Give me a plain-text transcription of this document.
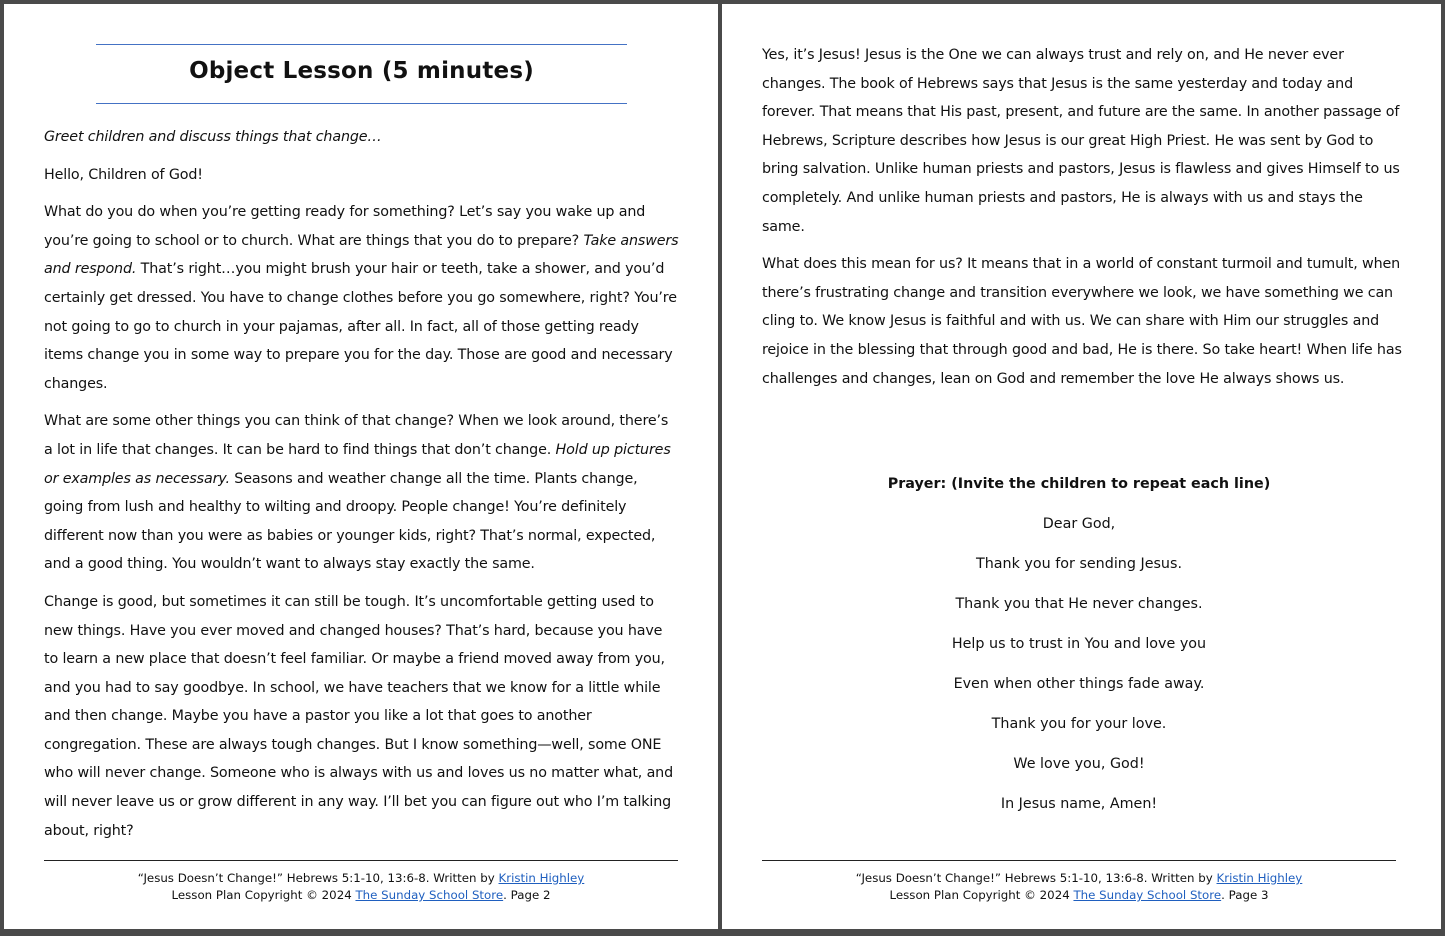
Object Lesson (5 minutes)

Greet children and discuss things that change…

Hello, Children of God!

What do you do when you’re getting ready for something? Let’s say you wake up and you’re going to school or to church. What are things that you do to prepare? Take answers and respond. That’s right…you might brush your hair or teeth, take a shower, and you’d certainly get dressed. You have to change clothes before you go somewhere, right? You’re not going to go to church in your pajamas, after all. In fact, all of those getting ready items change you in some way to prepare you for the day. Those are good and necessary changes.

What are some other things you can think of that change? When we look around, there’s a lot in life that changes. It can be hard to find things that don’t change. Hold up pictures or examples as necessary. Seasons and weather change all the time. Plants change, going from lush and healthy to wilting and droopy. People change! You’re definitely different now than you were as babies or younger kids, right? That’s normal, expected, and a good thing. You wouldn’t want to always stay exactly the same.

Change is good, but sometimes it can still be tough. It’s uncomfortable getting used to new things. Have you ever moved and changed houses? That’s hard, because you have to learn a new place that doesn’t feel familiar. Or maybe a friend moved away from you, and you had to say goodbye. In school, we have teachers that we know for a little while and then change. Maybe you have a pastor you like a lot that goes to another congregation. These are always tough changes. But I know something—well, some ONE who will never change. Someone who is always with us and loves us no matter what, and will never leave us or grow different in any way. I’ll bet you can figure out who I’m talking about, right?

“Jesus Doesn’t Change!” Hebrews 5:1-10, 13:6-8. Written by Kristin Highley
Lesson Plan Copyright © 2024 The Sunday School Store. Page 2

Yes, it’s Jesus! Jesus is the One we can always trust and rely on, and He never ever changes. The book of Hebrews says that Jesus is the same yesterday and today and forever. That means that His past, present, and future are the same. In another passage of Hebrews, Scripture describes how Jesus is our great High Priest. He was sent by God to bring salvation. Unlike human priests and pastors, Jesus is flawless and gives Himself to us completely. And unlike human priests and pastors, He is always with us and stays the same.

What does this mean for us? It means that in a world of constant turmoil and tumult, when there’s frustrating change and transition everywhere we look, we have something we can cling to. We know Jesus is faithful and with us. We can share with Him our struggles and rejoice in the blessing that through good and bad, He is there. So take heart! When life has challenges and changes, lean on God and remember the love He always shows us.

Prayer: (Invite the children to repeat each line)
Dear God,
Thank you for sending Jesus.
Thank you that He never changes.
Help us to trust in You and love you
Even when other things fade away.
Thank you for your love.
We love you, God!
In Jesus name, Amen!
“Jesus Doesn’t Change!” Hebrews 5:1-10, 13:6-8. Written by Kristin Highley
Lesson Plan Copyright © 2024 The Sunday School Store. Page 3
